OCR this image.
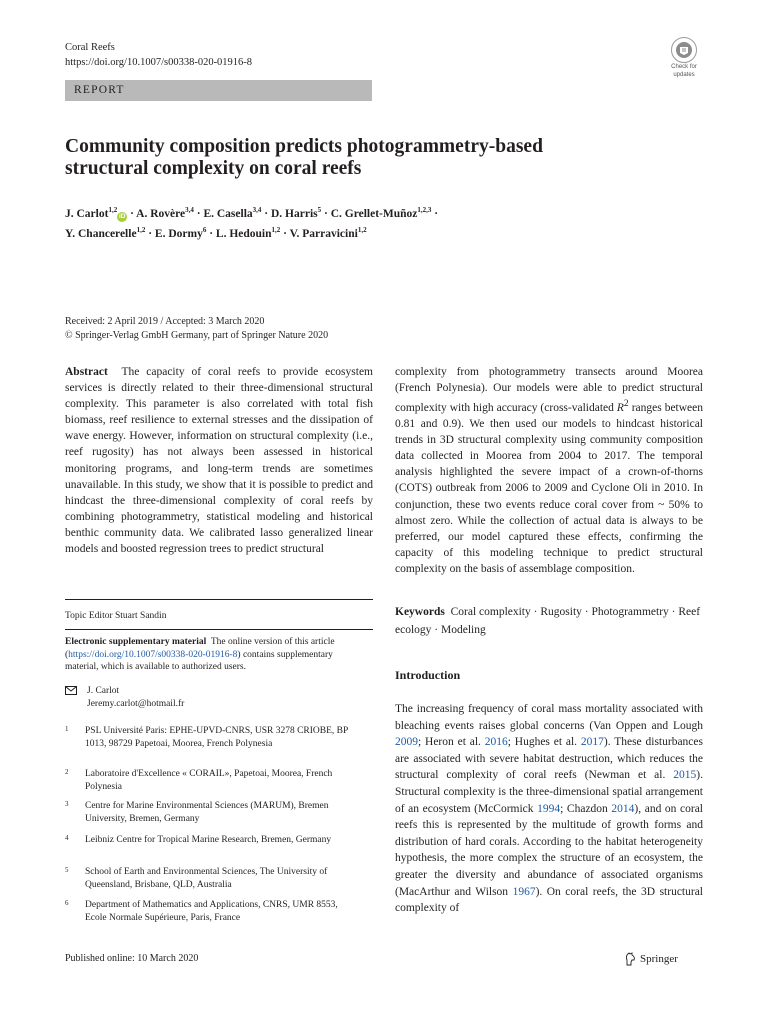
Coral Reefs
https://doi.org/10.1007/s00338-020-01916-8
REPORT
Check for
updates
Community composition predicts photogrammetry-based structural complexity on coral reefs
J. Carlot$^{1,2}$iD · A. Rovère$^{3,4}$ · E. Casella$^{3,4}$ · D. Harris$^5$ · C. Grellet-Muñoz$^{1,2,3}$ ·
Y. Chancerelle$^{1,2}$ · E. Dormy$^6$ · L. Hedouin$^{1,2}$ · V. Parravicini$^{1,2}$
Received: 2 April 2019 / Accepted: 3 March 2020
© Springer-Verlag GmbH Germany, part of Springer Nature 2020

Abstract The capacity of coral reefs to provide ecosystem services is directly related to their three-dimensional structural complexity. This parameter is also correlated with total fish biomass, reef resilience to external stresses and the dissipation of wave energy. However, information on structural complexity (i.e., reef rugosity) has not always been assessed in historical monitoring programs, and long-term trends are sometimes unavailable. In this study, we show that it is possible to predict and hindcast the three-dimensional complexity of coral reefs by combining photogrammetry, statistical modeling and historical benthic community data. We calibrated lasso generalized linear models and boosted regression trees to predict structural

complexity from photogrammetry transects around Moorea (French Polynesia). Our models were able to predict structural complexity with high accuracy (cross-validated $R^2$ ranges between 0.81 and 0.9). We then used our models to hindcast historical trends in 3D structural complexity using community composition data collected in Moorea from 2004 to 2017. The temporal analysis highlighted the severe impact of a crown-of-thorns (COTS) outbreak from 2006 to 2009 and Cyclone Oli in 2010. In conjunction, these two events reduce coral cover from ~ 50% to almost zero. While the collection of actual data is always to be preferred, our model captured these effects, confirming the capacity of this modeling technique to predict structural complexity on the basis of assemblage composition.

Keywords Coral complexity · Rugosity · Photogrammetry · Reef ecology · Modeling
Topic Editor Stuart Sandin
Electronic supplementary material The online version of this article (https://doi.org/10.1007/s00338-020-01916-8) contains supplementary material, which is available to authorized users.
J. Carlot
Jeremy.carlot@hotmail.fr
1 PSL Université Paris: EPHE-UPVD-CNRS, USR 3278 CRIOBE, BP 1013, 98729 Papetoai, Moorea, French Polynesia
2 Laboratoire d'Excellence « CORAIL», Papetoai, Moorea, French Polynesia
3 Centre for Marine Environmental Sciences (MARUM), Bremen University, Bremen, Germany
4 Leibniz Centre for Tropical Marine Research, Bremen, Germany
5 School of Earth and Environmental Sciences, The University of Queensland, Brisbane, QLD, Australia
6 Department of Mathematics and Applications, CNRS, UMR 8553, Ecole Normale Supérieure, Paris, France
Introduction
The increasing frequency of coral mass mortality associated with bleaching events raises global concerns (Van Oppen and Lough 2009; Heron et al. 2016; Hughes et al. 2017). These disturbances are associated with severe habitat destruction, which reduces the structural complexity of coral reefs (Newman et al. 2015). Structural complexity is the three-dimensional spatial arrangement of an ecosystem (McCormick 1994; Chazdon 2014), and on coral reefs this is represented by the multitude of growth forms and distribution of hard corals. According to the habitat heterogeneity hypothesis, the more complex the structure of an ecosystem, the greater the diversity and abundance of associated organisms (MacArthur and Wilson 1967). On coral reefs, the 3D structural complexity of
Published online: 10 March 2020	Springer
